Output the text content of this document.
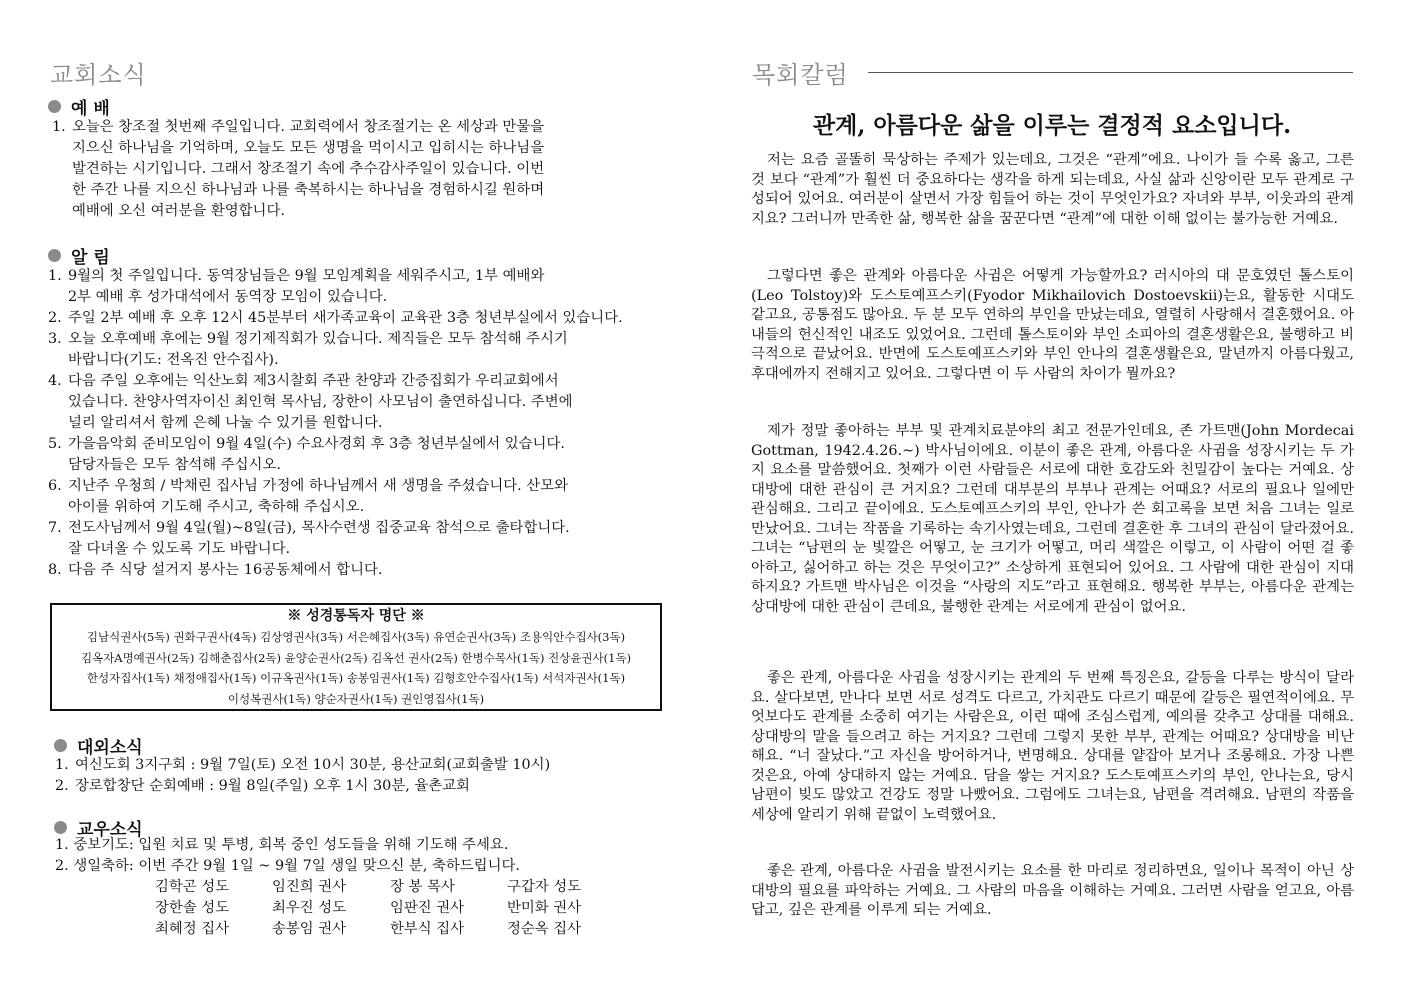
교회소식
예 배
1. 오늘은 창조절 첫번째 주일입니다. 교회력에서 창조절기는 온 세상과 만물을
지으신 하나님을 기억하며, 오늘도 모든 생명을 먹이시고 입히시는 하나님을
발견하는 시기입니다. 그래서 창조절기 속에 추수감사주일이 있습니다. 이번
한 주간 나를 지으신 하나님과 나를 축복하시는 하나님을 경험하시길 원하며
예배에 오신 여러분을 환영합니다.
알 림
1. 9월의 첫 주일입니다. 동역장님들은 9월 모임계획을 세워주시고, 1부 예배와
2부 예배 후 성가대석에서 동역장 모임이 있습니다.
2. 주일 2부 예배 후 오후 12시 45분부터 새가족교육이 교육관 3층 청년부실에서 있습니다.
3. 오늘 오후예배 후에는 9월 정기제직회가 있습니다. 제직들은 모두 참석해 주시기
바랍니다(기도: 전옥진 안수집사).
4. 다음 주일 오후에는 익산노회 제3시찰회 주관 찬양과 간증집회가 우리교회에서
있습니다. 찬양사역자이신 최인혁 목사님, 장한이 사모님이 출연하십니다. 주변에
널리 알리셔서 함께 은혜 나눌 수 있기를 원합니다.
5. 가을음악회 준비모임이 9월 4일(수) 수요사경회 후 3층 청년부실에서 있습니다.
담당자들은 모두 참석해 주십시오.
6. 지난주 우청희 / 박채린 집사님 가정에 하나님께서 새 생명을 주셨습니다. 산모와
아이를 위하여 기도해 주시고, 축하해 주십시오.
7. 전도사님께서 9월 4일(월)~8일(금), 목사수련생 집중교육 참석으로 출타합니다.
잘 다녀올 수 있도록 기도 바랍니다.
8. 다음 주 식당 설거지 봉사는 16공동체에서 합니다.
※ 성경통독자 명단 ※
김남식권사(5독) 권화구권사(4독) 김상영권사(3독) 서은혜집사(3독) 유연순권사(3독) 조용익안수집사(3독)
김옥자A명예권사(2독) 김해춘집사(2독) 윤양순권사(2독) 김옥선 권사(2독) 한병수목사(1독) 진상윤권사(1독)
한성자집사(1독) 채정애집사(1독) 이규옥권사(1독) 송봉임권사(1독) 김형호안수집사(1독) 서석자권사(1독)
이성복권사(1독) 양순자권사(1독) 권인영집사(1독)
대외소식
1. 여신도회 3지구회 : 9월 7일(토) 오전 10시 30분, 용산교회(교회출발 10시)
2. 장로합창단 순회예배 : 9월 8일(주일) 오후 1시 30분, 율촌교회
교우소식
1. 중보기도: 입원 치료 및 투병, 회복 중인 성도들을 위해 기도해 주세요.
2. 생일축하: 이번 주간 9월 1일 ~ 9월 7일 생일 맞으신 분, 축하드립니다.
김학곤 성도	임진희 권사	장 봉 목사	구갑자 성도
장한솔 성도	최우진 성도	임판진 권사	반미화 권사
최혜정 집사	송봉임 권사	한부식 집사	정순옥 집사
목회칼럼
관계, 아름다운 삶을 이루는 결정적 요소입니다.

저는 요즘 골똘히 묵상하는 주제가 있는데요, 그것은 “관계”에요. 나이가 들 수록 옳고, 그른 것 보다 “관계”가 훨씬 더 중요하다는 생각을 하게 되는데요, 사실 삶과 신앙이란 모두 관계로 구성되어 있어요. 여러분이 살면서 가장 힘들어 하는 것이 무엇인가요? 자녀와 부부, 이웃과의 관계지요? 그러니까 만족한 삶, 행복한 삶을 꿈꾼다면 “관계”에 대한 이해 없이는 불가능한 거예요.

그렇다면 좋은 관계와 아름다운 사귐은 어떻게 가능할까요? 러시아의 대 문호였던 톨스토이(Leo Tolstoy)와 도스토예프스키(Fyodor Mikhailovich Dostoevskii)는요, 활동한 시대도 같고요, 공통점도 많아요. 두 분 모두 연하의 부인을 만났는데요, 열렬히 사랑해서 결혼했어요. 아내들의 헌신적인 내조도 있었어요. 그런데 톨스토이와 부인 소피아의 결혼생활은요, 불행하고 비극적으로 끝났어요. 반면에 도스토예프스키와 부인 안나의 결혼생활은요, 말년까지 아름다웠고, 후대에까지 전해지고 있어요. 그렇다면 이 두 사람의 차이가 뭘까요?

제가 정말 좋아하는 부부 및 관계치료분야의 최고 전문가인데요, 존 가트맨(John Mordecai Gottman, 1942.4.26.~) 박사님이에요. 이분이 좋은 관계, 아름다운 사귐을 성장시키는 두 가지 요소를 말씀했어요. 첫째가 이런 사람들은 서로에 대한 호감도와 친밀감이 높다는 거예요. 상대방에 대한 관심이 큰 거지요? 그런데 대부분의 부부나 관계는 어때요? 서로의 필요나 일에만 관심해요. 그리고 끝이에요. 도스토예프스키의 부인, 안나가 쓴 회고록을 보면 처음 그녀는 일로 만났어요. 그녀는 작품을 기록하는 속기사였는데요, 그런데 결혼한 후 그녀의 관심이 달라졌어요. 그녀는 “남편의 눈 빛깔은 어떻고, 눈 크기가 어떻고, 머리 색깔은 이렇고, 이 사람이 어떤 걸 좋아하고, 싫어하고 하는 것은 무엇이고?” 소상하게 표현되어 있어요. 그 사람에 대한 관심이 지대하지요? 가트맨 박사님은 이것을 “사랑의 지도”라고 표현해요. 행복한 부부는, 아름다운 관계는 상대방에 대한 관심이 큰데요, 불행한 관계는 서로에게 관심이 없어요.

좋은 관계, 아름다운 사귐을 성장시키는 관계의 두 번째 특징은요, 갈등을 다루는 방식이 달라요. 살다보면, 만나다 보면 서로 성격도 다르고, 가치관도 다르기 때문에 갈등은 필연적이에요. 무엇보다도 관계를 소중히 여기는 사람은요, 이런 때에 조심스럽게, 예의를 갖추고 상대를 대해요. 상대방의 말을 들으려고 하는 거지요? 그런데 그렇지 못한 부부, 관계는 어때요? 상대방을 비난해요. “너 잘났다.”고 자신을 방어하거나, 변명해요. 상대를 얕잡아 보거나 조롱해요. 가장 나쁜 것은요, 아예 상대하지 않는 거예요. 담을 쌓는 거지요? 도스토예프스키의 부인, 안나는요, 당시 남편이 빚도 많았고 건강도 정말 나빴어요. 그럼에도 그녀는요, 남편을 격려해요. 남편의 작품을 세상에 알리기 위해 끝없이 노력했어요.

좋은 관계, 아름다운 사귐을 발전시키는 요소를 한 마리로 정리하면요, 일이나 목적이 아닌 상대방의 필요를 파악하는 거예요. 그 사람의 마음을 이해하는 거예요. 그러면 사람을 얻고요, 아름답고, 깊은 관계를 이루게 되는 거예요.
